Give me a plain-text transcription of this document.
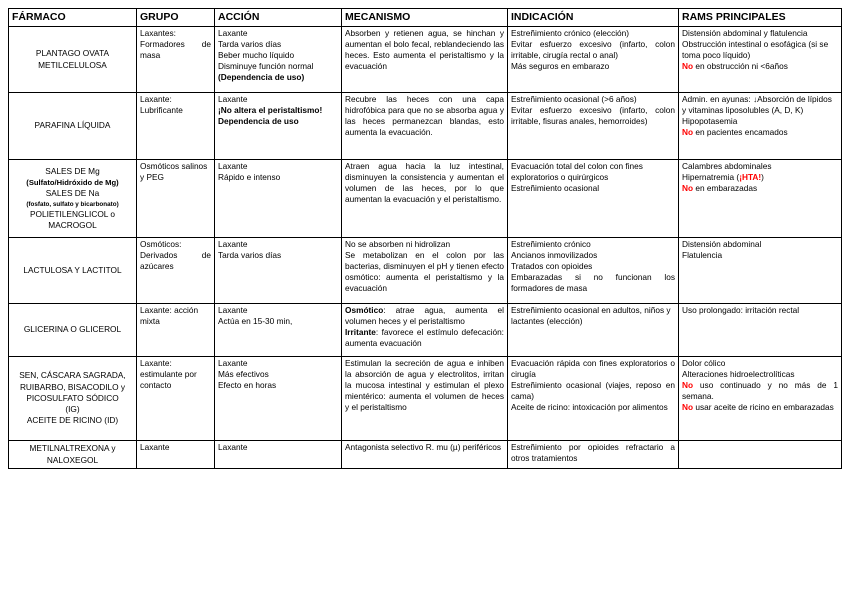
FÁRMACO	GRUPO	ACCIÓN	MECANISMO	INDICACIÓN	RAMS PRINCIPALES

PLANTAGO OVATA
METILCELULOSA	Laxantes: Formadores de masa	Laxante
Tarda varios días
Beber mucho líquido
Disminuye función normal
(Dependencia de uso)	Absorben y retienen agua, se hinchan y aumentan el bolo fecal, reblandeciendo las heces. Esto aumenta el peristaltismo y la evacuación	Estreñimiento crónico (elección)
Evitar esfuerzo excesivo (infarto, colon irritable, cirugía rectal o anal)
Más seguros en embarazo	Distensión abdominal y flatulencia
Obstrucción intestinal o esofágica (si se toma poco líquido)
No en obstrucción ni <6años

PARAFINA LÍQUIDA	Laxante: Lubrificante	Laxante
¡No altera el peristaltismo!
Dependencia de uso	Recubre las heces con una capa hidrofóbica para que no se absorba agua y las heces permanezcan blandas, esto aumenta la evacuación.	Estreñimiento ocasional (>6 años)
Evitar esfuerzo excesivo (infarto, colon irritable, fisuras anales, hemorroides)	Admin. en ayunas: ↓Absorción de lípidos y vitaminas liposolubles (A, D, K)
Hipopotasemia
No en pacientes encamados

SALES DE Mg
(Sulfato/Hidróxido de Mg)
SALES DE Na
(fosfato, sulfato y bicarbonato)
POLIETILENGLICOL o MACROGOL	Osmóticos salinos y PEG	Laxante
Rápido e intenso	Atraen agua hacia la luz intestinal, disminuyen la consistencia y aumentan el volumen de las heces, por lo que aumentan la evacuación y el peristaltismo.	Evacuación total del colon con fines exploratorios o quirúrgicos
Estreñimiento ocasional	Calambres abdominales
Hipernatremia (¡HTA!)
No en embarazadas

LACTULOSA Y LACTITOL	Osmóticos: Derivados de azúcares	Laxante
Tarda varios días	No se absorben ni hidrolizan
Se metabolizan en el colon por las bacterias, disminuyen el pH y tienen efecto osmótico: aumenta el peristaltismo y la evacuación	Estreñimiento crónico
Ancianos inmovilizados
Tratados con opioides
Embarazadas si no funcionan los formadores de masa	Distensión abdominal
Flatulencia

GLICERINA O GLICEROL	Laxante: acción mixta	Laxante
Actúa en 15-30 min,	Osmótico: atrae agua, aumenta el volumen heces y el peristaltismo
Irritante: favorece el estímulo defecación: aumenta evacuación	Estreñimiento ocasional en adultos, niños y lactantes (elección)	Uso prolongado: irritación rectal

SEN, CÁSCARA SAGRADA,
RUIBARBO, BISACODILO y
PICOSULFATO SÓDICO
(IG)
ACEITE DE RICINO (ID)	Laxante: estimulante por contacto	Laxante
Más efectivos
Efecto en horas	Estimulan la secreción de agua e inhiben la absorción de agua y electrolitos, irritan la mucosa intestinal y estimulan el plexo mientérico: aumenta el volumen de heces y el peristaltismo	Evacuación rápida con fines exploratorios o cirugía
Estreñimiento ocasional (viajes, reposo en cama)
Aceite de ricino: intoxicación por alimentos	Dolor cólico
Alteraciones hidroelectrolíticas
No uso continuado y no más de 1 semana.
No usar aceite de ricino en embarazadas

METILNALTREXONA y
NALOXEGOL	Laxante	Laxante	Antagonista selectivo R. mu (µ) periféricos	Estreñimiento por opioides refractario a otros tratamientos	
